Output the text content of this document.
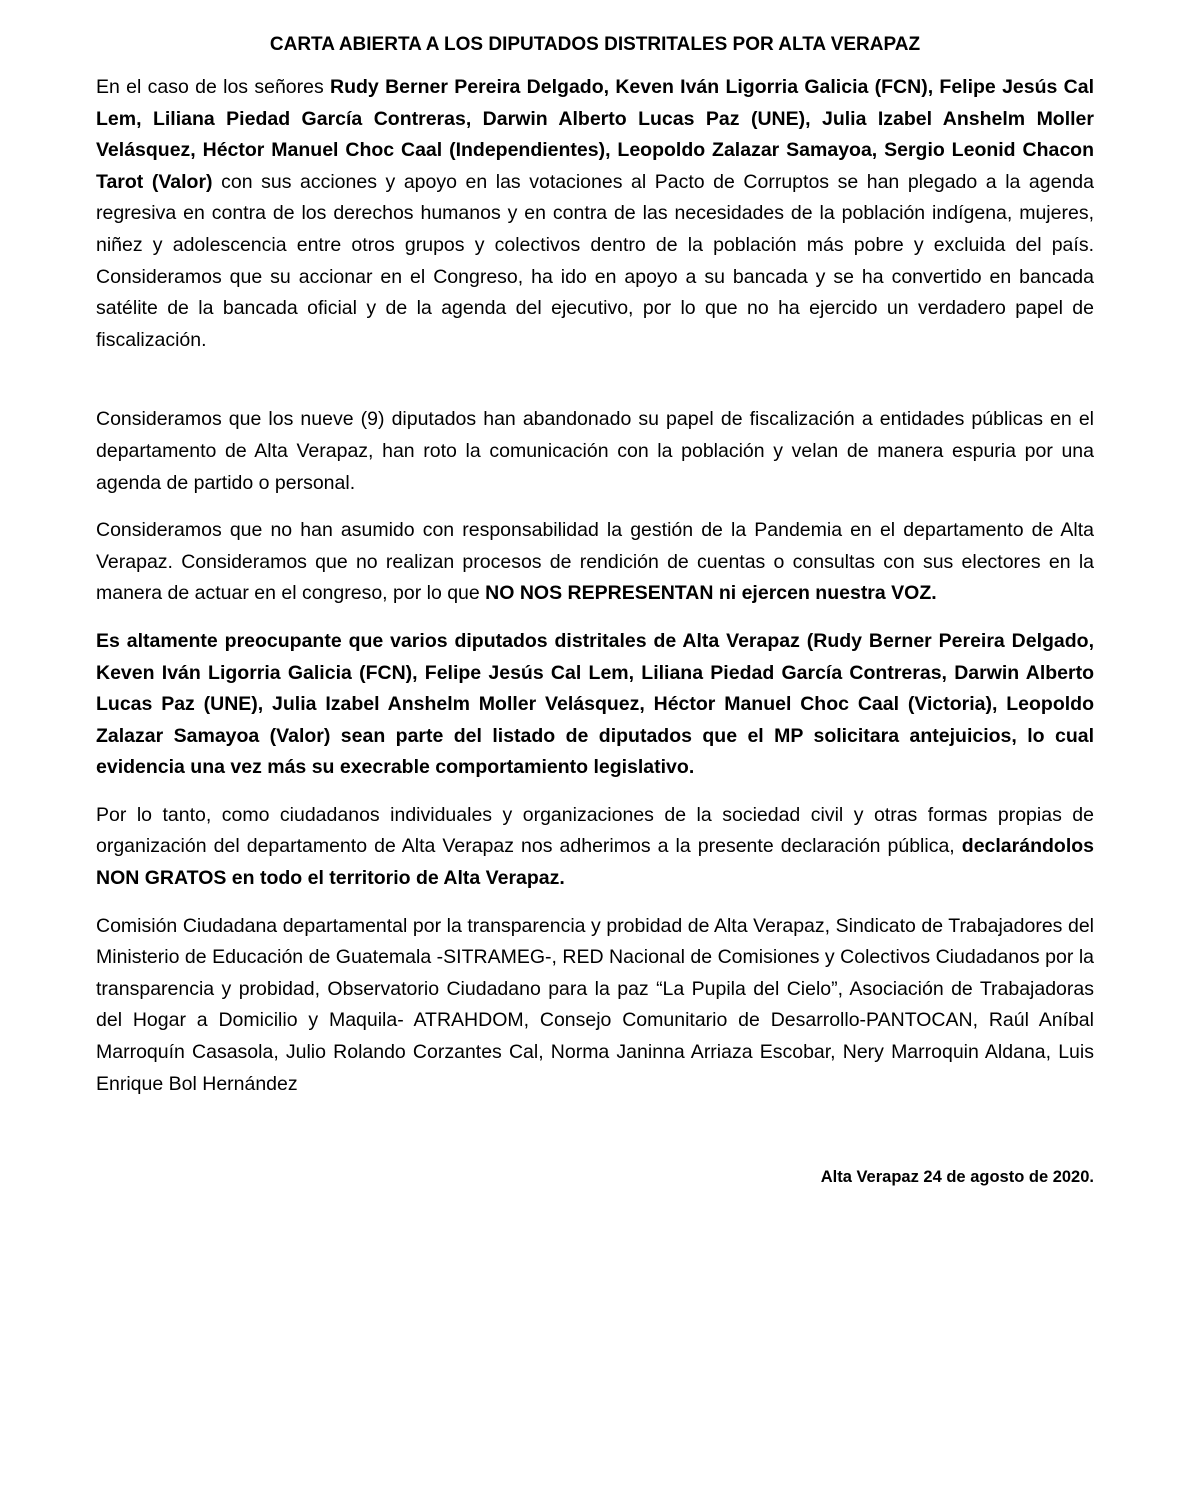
CARTA ABIERTA A LOS DIPUTADOS DISTRITALES POR ALTA VERAPAZ

En el caso de los señores Rudy Berner Pereira Delgado, Keven Iván Ligorria Galicia (FCN), Felipe Jesús Cal Lem, Liliana Piedad García Contreras, Darwin Alberto Lucas Paz (UNE), Julia Izabel Anshelm Moller Velásquez, Héctor Manuel Choc Caal (Independientes), Leopoldo Zalazar Samayoa, Sergio Leonid Chacon Tarot (Valor) con sus acciones y apoyo en las votaciones al Pacto de Corruptos se han plegado a la agenda regresiva en contra de los derechos humanos y en contra de las necesidades de la población indígena, mujeres, niñez y adolescencia entre otros grupos y colectivos dentro de la población más pobre y excluida del país. Consideramos que su accionar en el Congreso, ha ido en apoyo a su bancada y se ha convertido en bancada satélite de la bancada oficial y de la agenda del ejecutivo, por lo que no ha ejercido un verdadero papel de fiscalización.

Consideramos que los nueve (9) diputados han abandonado su papel de fiscalización a entidades públicas en el departamento de Alta Verapaz, han roto la comunicación con la población y velan de manera espuria por una agenda de partido o personal.

Consideramos que no han asumido con responsabilidad la gestión de la Pandemia en el departamento de Alta Verapaz. Consideramos que no realizan procesos de rendición de cuentas o consultas con sus electores en la manera de actuar en el congreso, por lo que NO NOS REPRESENTAN ni ejercen nuestra VOZ.

Es altamente preocupante que varios diputados distritales de Alta Verapaz (Rudy Berner Pereira Delgado, Keven Iván Ligorria Galicia (FCN), Felipe Jesús Cal Lem, Liliana Piedad García Contreras, Darwin Alberto Lucas Paz (UNE), Julia Izabel Anshelm Moller Velásquez, Héctor Manuel Choc Caal (Victoria), Leopoldo Zalazar Samayoa (Valor) sean parte del listado de diputados que el MP solicitara antejuicios, lo cual evidencia una vez más su execrable comportamiento legislativo.

Por lo tanto, como ciudadanos individuales y organizaciones de la sociedad civil y otras formas propias de organización del departamento de Alta Verapaz nos adherimos a la presente declaración pública, declarándolos NON GRATOS en todo el territorio de Alta Verapaz.

Comisión Ciudadana departamental por la transparencia y probidad de Alta Verapaz, Sindicato de Trabajadores del Ministerio de Educación de Guatemala -SITRAMEG-, RED Nacional de Comisiones y Colectivos Ciudadanos por la transparencia y probidad, Observatorio Ciudadano para la paz “La Pupila del Cielo”, Asociación de Trabajadoras del Hogar a Domicilio y Maquila- ATRAHDOM, Consejo Comunitario de Desarrollo-PANTOCAN, Raúl Aníbal Marroquín Casasola, Julio Rolando Corzantes Cal, Norma Janinna Arriaza Escobar, Nery Marroquin Aldana, Luis Enrique Bol Hernández

Alta Verapaz 24 de agosto de 2020.
